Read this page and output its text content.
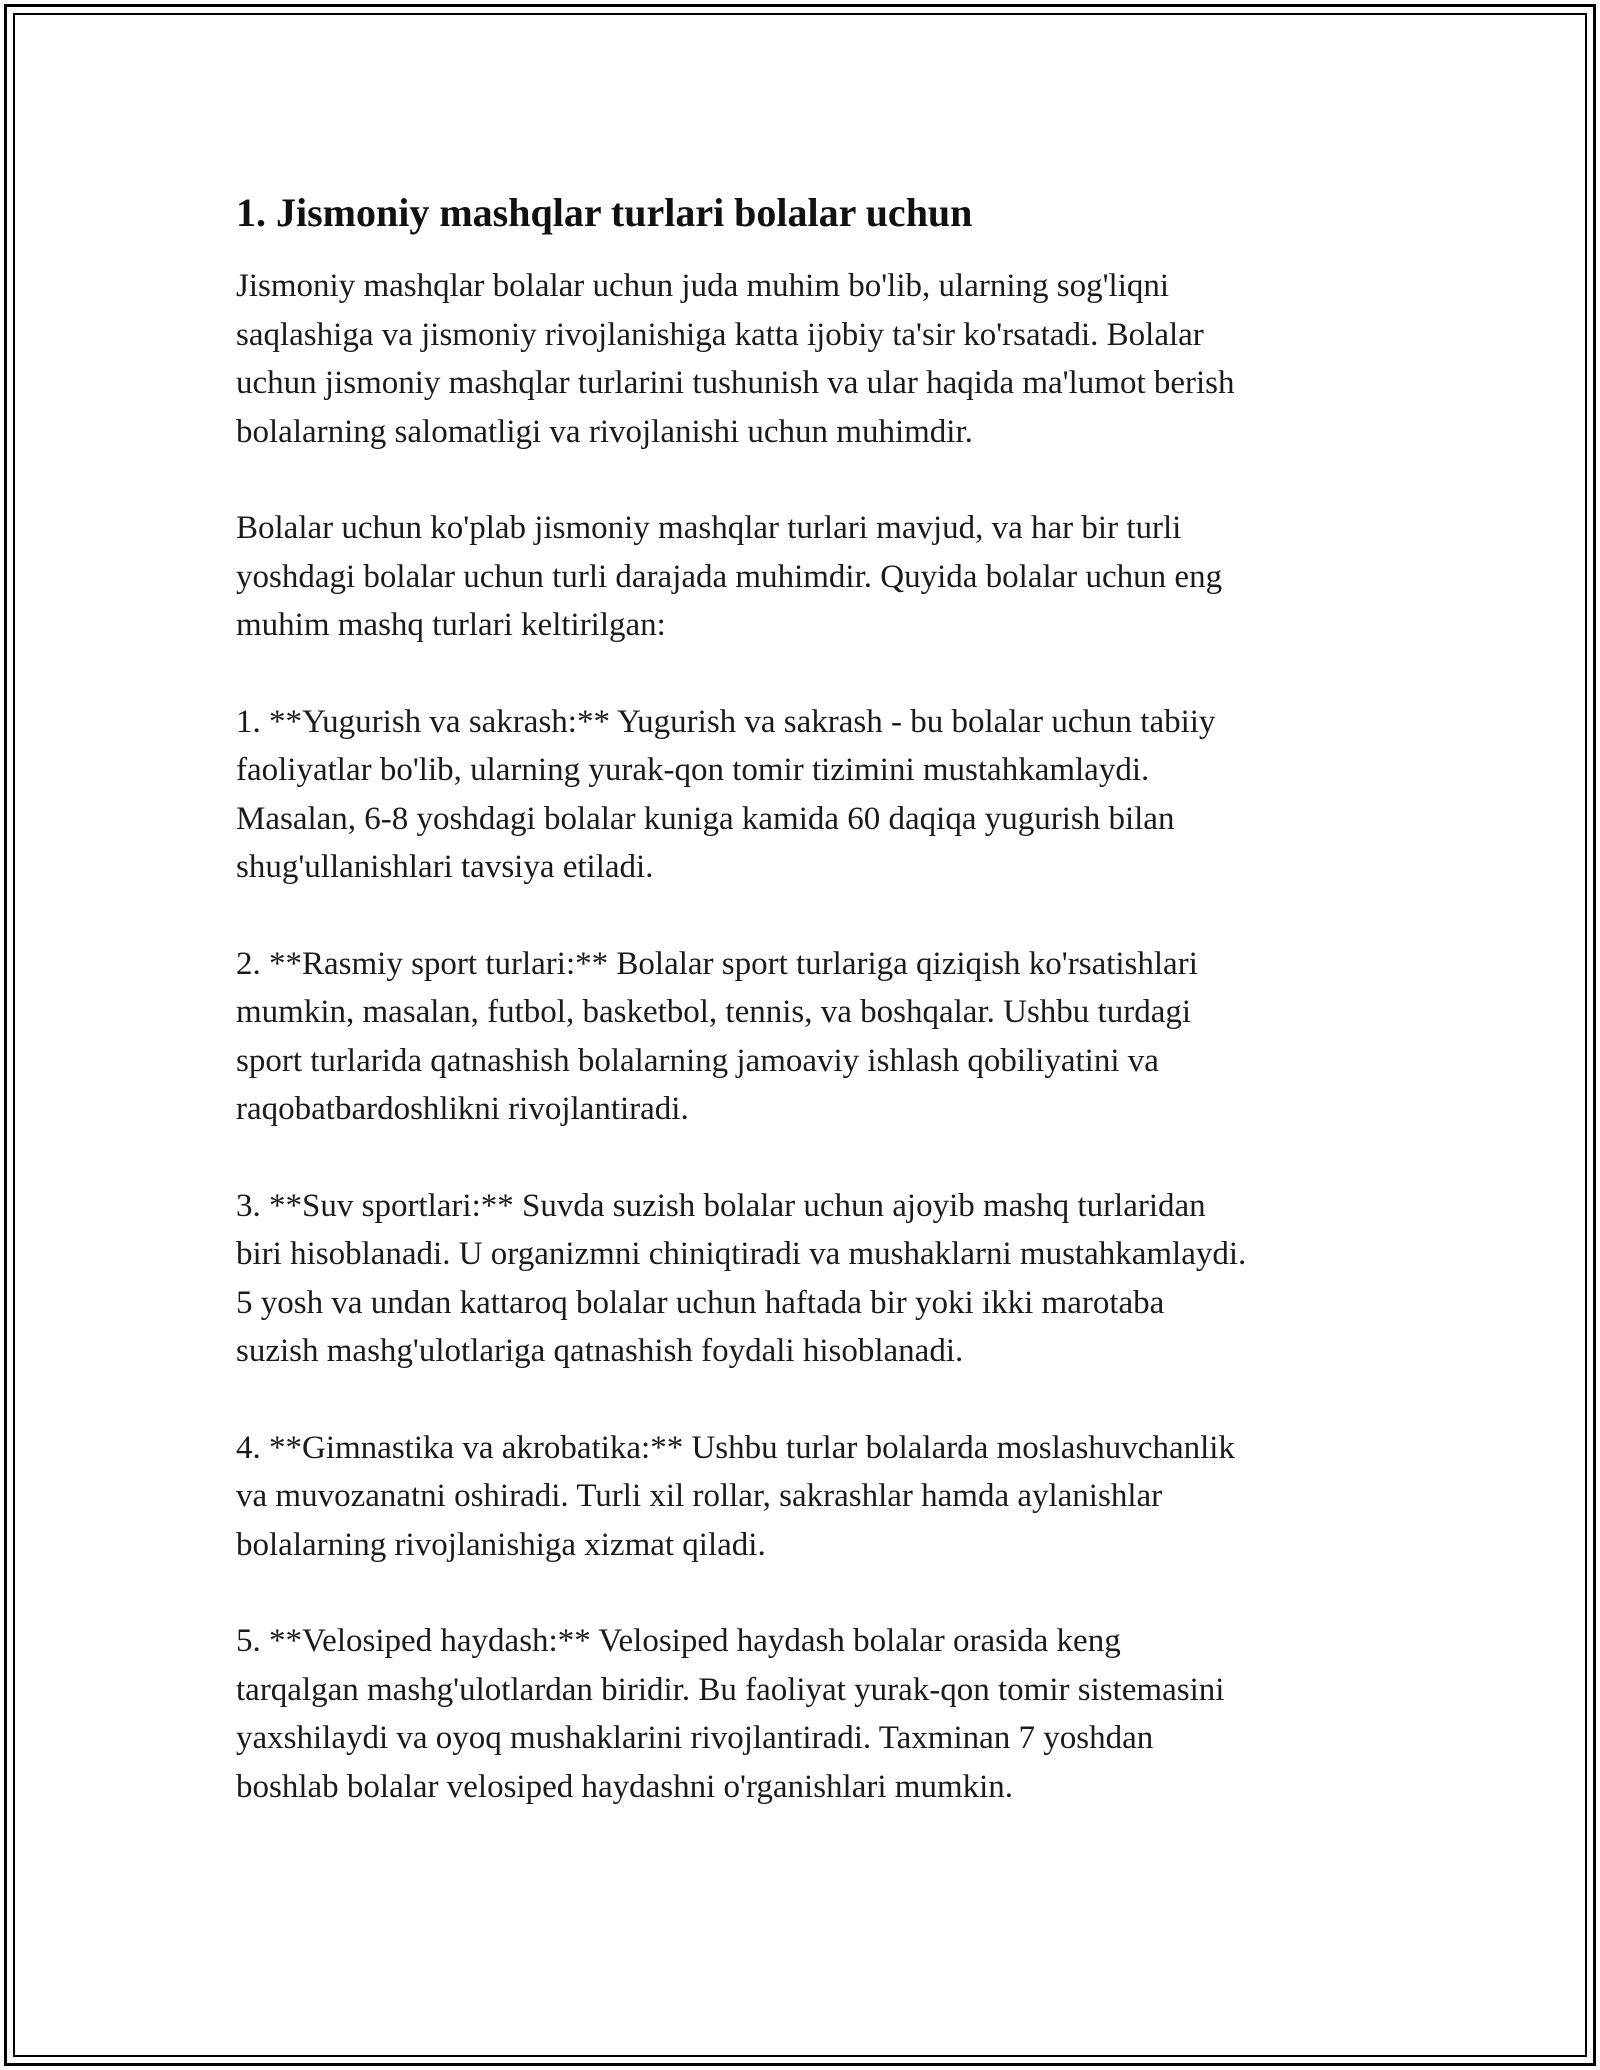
1. Jismoniy mashqlar turlari bolalar uchun

Jismoniy mashqlar bolalar uchun juda muhim bo'lib, ularning sog'liqni
saqlashiga va jismoniy rivojlanishiga katta ijobiy ta'sir ko'rsatadi. Bolalar
uchun jismoniy mashqlar turlarini tushunish va ular haqida ma'lumot berish
bolalarning salomatligi va rivojlanishi uchun muhimdir.

Bolalar uchun ko'plab jismoniy mashqlar turlari mavjud, va har bir turli
yoshdagi bolalar uchun turli darajada muhimdir. Quyida bolalar uchun eng
muhim mashq turlari keltirilgan:

1. **Yugurish va sakrash:** Yugurish va sakrash - bu bolalar uchun tabiiy
faoliyatlar bo'lib, ularning yurak-qon tomir tizimini mustahkamlaydi.
Masalan, 6-8 yoshdagi bolalar kuniga kamida 60 daqiqa yugurish bilan
shug'ullanishlari tavsiya etiladi.

2. **Rasmiy sport turlari:** Bolalar sport turlariga qiziqish ko'rsatishlari
mumkin, masalan, futbol, basketbol, tennis, va boshqalar. Ushbu turdagi
sport turlarida qatnashish bolalarning jamoaviy ishlash qobiliyatini va
raqobatbardoshlikni rivojlantiradi.

3. **Suv sportlari:** Suvda suzish bolalar uchun ajoyib mashq turlaridan
biri hisoblanadi. U organizmni chiniqtiradi va mushaklarni mustahkamlaydi.
5 yosh va undan kattaroq bolalar uchun haftada bir yoki ikki marotaba
suzish mashg'ulotlariga qatnashish foydali hisoblanadi.

4. **Gimnastika va akrobatika:** Ushbu turlar bolalarda moslashuvchanlik
va muvozanatni oshiradi. Turli xil rollar, sakrashlar hamda aylanishlar
bolalarning rivojlanishiga xizmat qiladi.

5. **Velosiped haydash:** Velosiped haydash bolalar orasida keng
tarqalgan mashg'ulotlardan biridir. Bu faoliyat yurak-qon tomir sistemasini
yaxshilaydi va oyoq mushaklarini rivojlantiradi. Taxminan 7 yoshdan
boshlab bolalar velosiped haydashni o'rganishlari mumkin.
